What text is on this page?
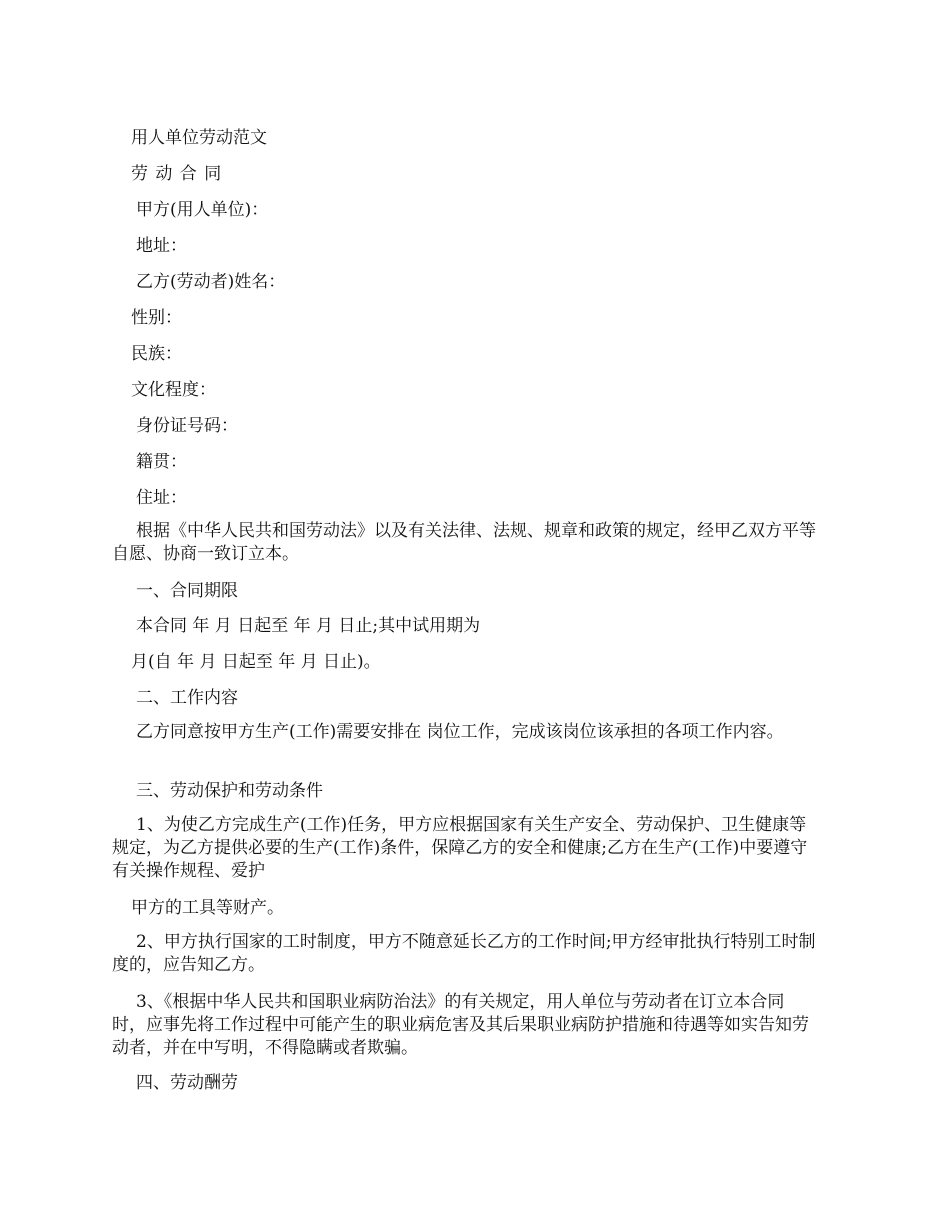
用人单位劳动范文
劳 动 合 同
甲方(用人单位)：
地址：
乙方(劳动者)姓名：
性别：
民族：
文化程度：
身份证号码：
籍贯：
住址：
根据《中华人民共和国劳动法》以及有关法律、法规、规章和政策的规定，经甲乙双方平等自愿、协商一致订立本。
一、合同期限
本合同 年 月 日起至 年 月 日止;其中试用期为
月(自 年 月 日起至 年 月 日止)。
二、工作内容
乙方同意按甲方生产(工作)需要安排在 岗位工作，完成该岗位该承担的各项工作内容。
三、劳动保护和劳动条件
1、为使乙方完成生产(工作)任务，甲方应根据国家有关生产安全、劳动保护、卫生健康等规定，为乙方提供必要的生产(工作)条件，保障乙方的安全和健康;乙方在生产(工作)中要遵守有关操作规程、爱护
甲方的工具等财产。
2、甲方执行国家的工时制度，甲方不随意延长乙方的工作时间;甲方经审批执行特别工时制度的，应告知乙方。
3、《根据中华人民共和国职业病防治法》的有关规定，用人单位与劳动者在订立本合同时，应事先将工作过程中可能产生的职业病危害及其后果职业病防护措施和待遇等如实告知劳动者，并在中写明，不得隐瞒或者欺骗。
四、劳动酬劳
